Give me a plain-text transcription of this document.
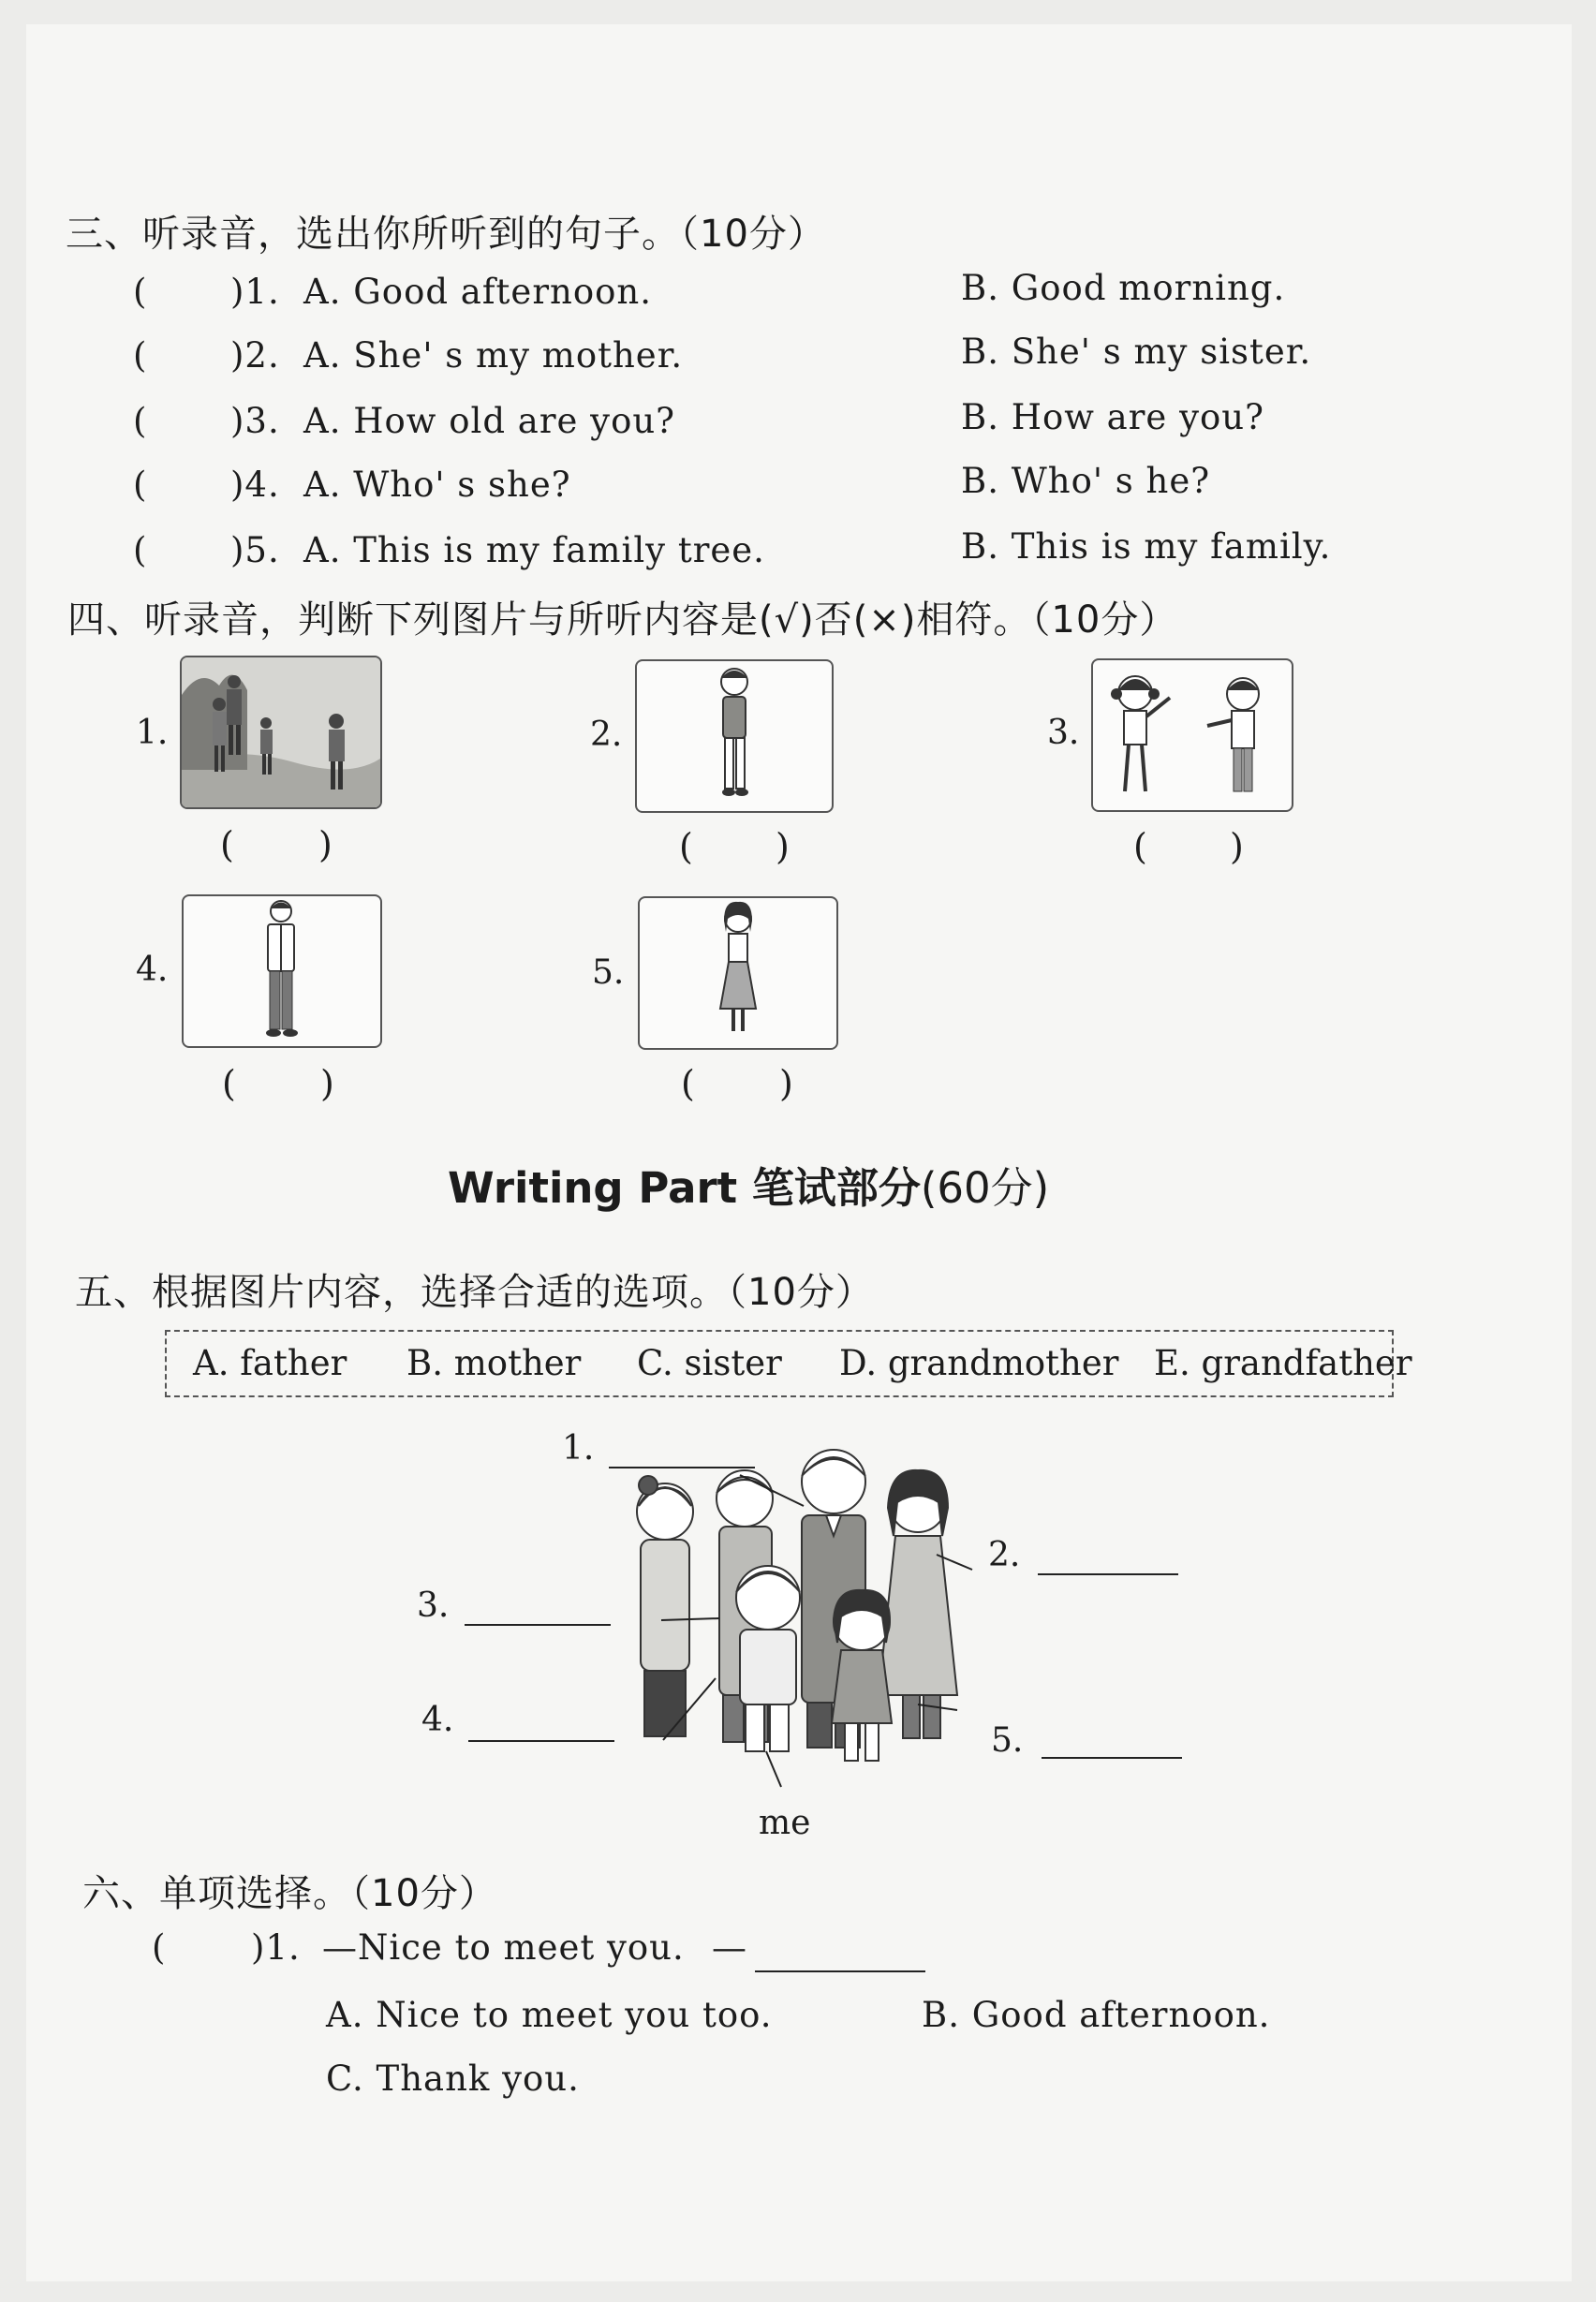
三、听录音，选出你所听到的句子。（10分）
( )1. A. Good afternoon.	B. Good morning.
( )2. A. She' s my mother.	B. She' s my sister.
( )3. A. How old are you?	B. How are you?
( )4. A. Who' s she?	B. Who' s he?
( )5. A. This is my family tree.	B. This is my family.
四、听录音，判断下列图片与所听内容是(√)否(×)相符。（10分）
1.
( )
2.
( )
3.
( )
4.
( )
5.
( )
Writing Part 笔试部分(60分)
五、根据图片内容，选择合适的选项。（10分）
A. father B. mother C. sister D. grandmother E. grandfather
1.
2.
3.
4.
5.
me
六、单项选择。（10分）
( )1. —Nice to meet you. —
A. Nice to meet you too.	B. Good afternoon.
C. Thank you.
